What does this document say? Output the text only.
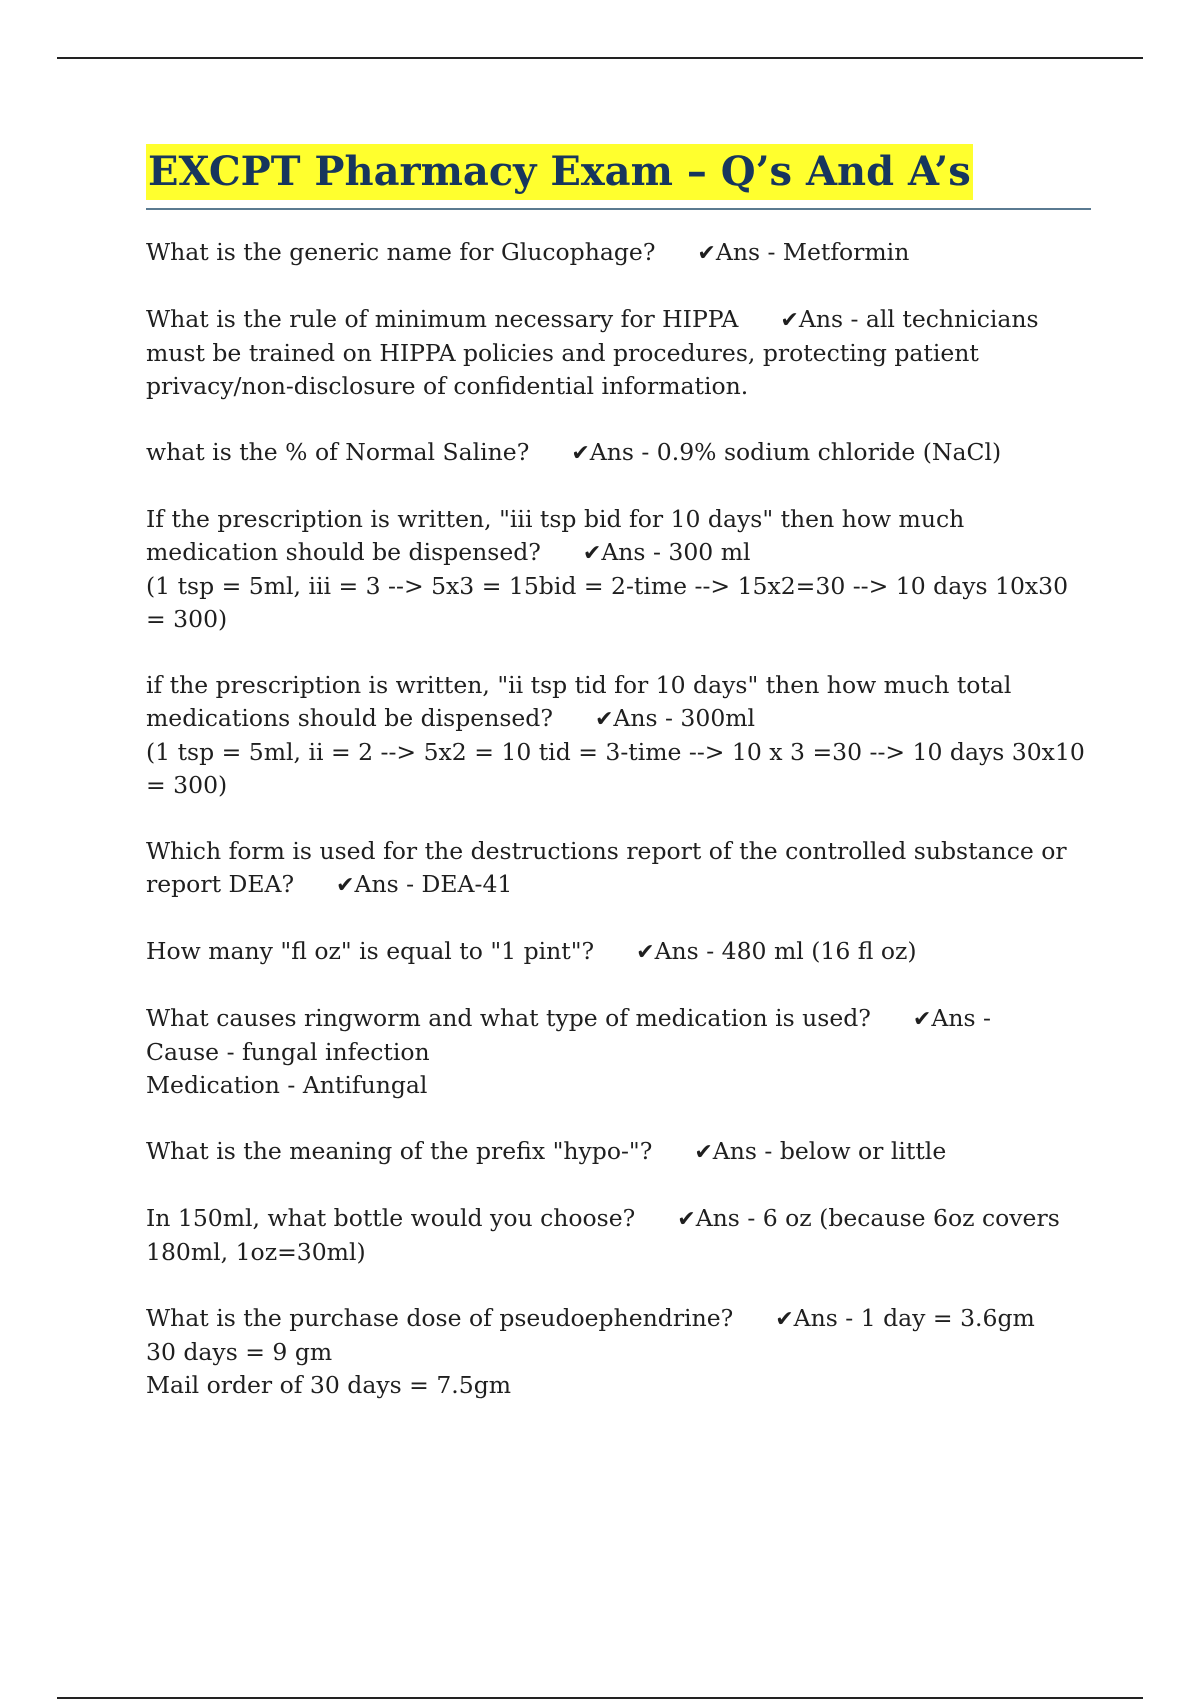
EXCPT Pharmacy Exam – Q’s And A’s
What is the generic name for Glucophage? ✔Ans - Metformin
What is the rule of minimum necessary for HIPPA ✔Ans - all technicians must be trained on HIPPA policies and procedures, protecting patient privacy/non-disclosure of confidential information.
what is the % of Normal Saline? ✔Ans - 0.9% sodium chloride (NaCl)
If the prescription is written, "iii tsp bid for 10 days" then how much medication should be dispensed? ✔Ans - 300 ml
(1 tsp = 5ml, iii = 3 --> 5x3 = 15bid = 2-time --> 15x2=30 --> 10 days 10x30 = 300)
if the prescription is written, "ii tsp tid for 10 days" then how much total medications should be dispensed? ✔Ans - 300ml
(1 tsp = 5ml, ii = 2 --> 5x2 = 10 tid = 3-time --> 10 x 3 =30 --> 10 days 30x10 = 300)
Which form is used for the destructions report of the controlled substance or report DEA? ✔Ans - DEA-41
How many "fl oz" is equal to "1 pint"? ✔Ans - 480 ml (16 fl oz)
What causes ringworm and what type of medication is used? ✔Ans -
Cause - fungal infection
Medication - Antifungal
What is the meaning of the prefix "hypo-"? ✔Ans - below or little
In 150ml, what bottle would you choose? ✔Ans - 6 oz (because 6oz covers 180ml, 1oz=30ml)
What is the purchase dose of pseudoephendrine? ✔Ans - 1 day = 3.6gm
30 days = 9 gm
Mail order of 30 days = 7.5gm
